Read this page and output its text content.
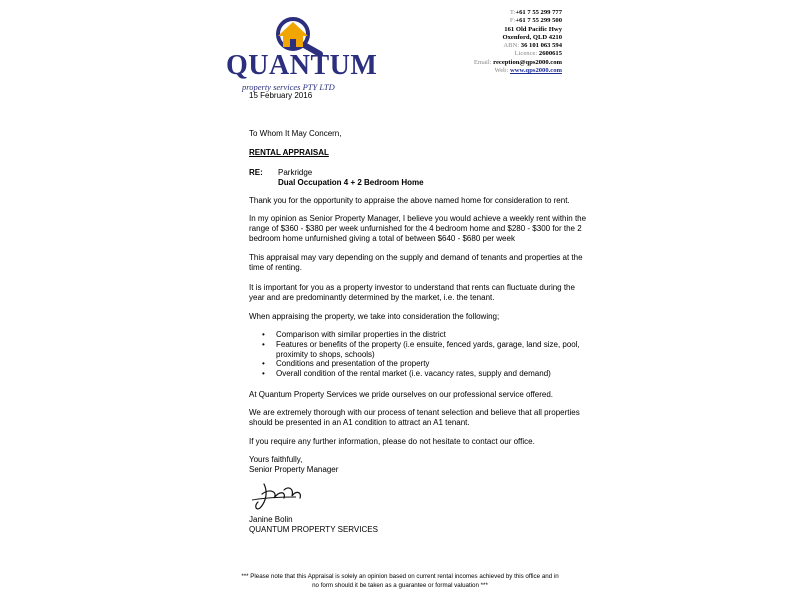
QUANTUM
property services PTY LTD
T:+61 7 55 299 777
F:+61 7 55 299 500
161 Old Pacific Hwy
Oxenford, QLD 4210
ABN: 36 101 063 594
Licence: 2600615
Email: reception@qps2000.com
Web: www.qps2000.com
15 February 2016
To Whom It May Concern,
RENTAL APPRAISAL
RE: Parkridge
Dual Occupation 4 + 2 Bedroom Home
Thank you for the opportunity to appraise the above named home for consideration to rent.
In my opinion as Senior Property Manager, I believe you would achieve a weekly rent within the
range of $360 - $380 per week unfurnished for the 4 bedroom home and $280 - $300 for the 2
bedroom home unfurnished giving a total of between $640 - $680 per week
This appraisal may vary depending on the supply and demand of tenants and properties at the
time of renting.
It is important for you as a property investor to understand that rents can fluctuate during the
year and are predominantly determined by the market, i.e. the tenant.
When appraising the property, we take into consideration the following;
• Comparison with similar properties in the district
• Features or benefits of the property (i.e ensuite, fenced yards, garage, land size, pool,
proximity to shops, schools)
• Conditions and presentation of the property
• Overall condition of the rental market (i.e. vacancy rates, supply and demand)
At Quantum Property Services we pride ourselves on our professional service offered.
We are extremely thorough with our process of tenant selection and believe that all properties
should be presented in an A1 condition to attract an A1 tenant.
If you require any further information, please do not hesitate to contact our office.
Yours faithfully,
Senior Property Manager
Janine Bolin
QUANTUM PROPERTY SERVICES
*** Please note that this Appraisal is solely an opinion based on current rental incomes achieved by this office and in
no form should it be taken as a guarantee or formal valuation ***
